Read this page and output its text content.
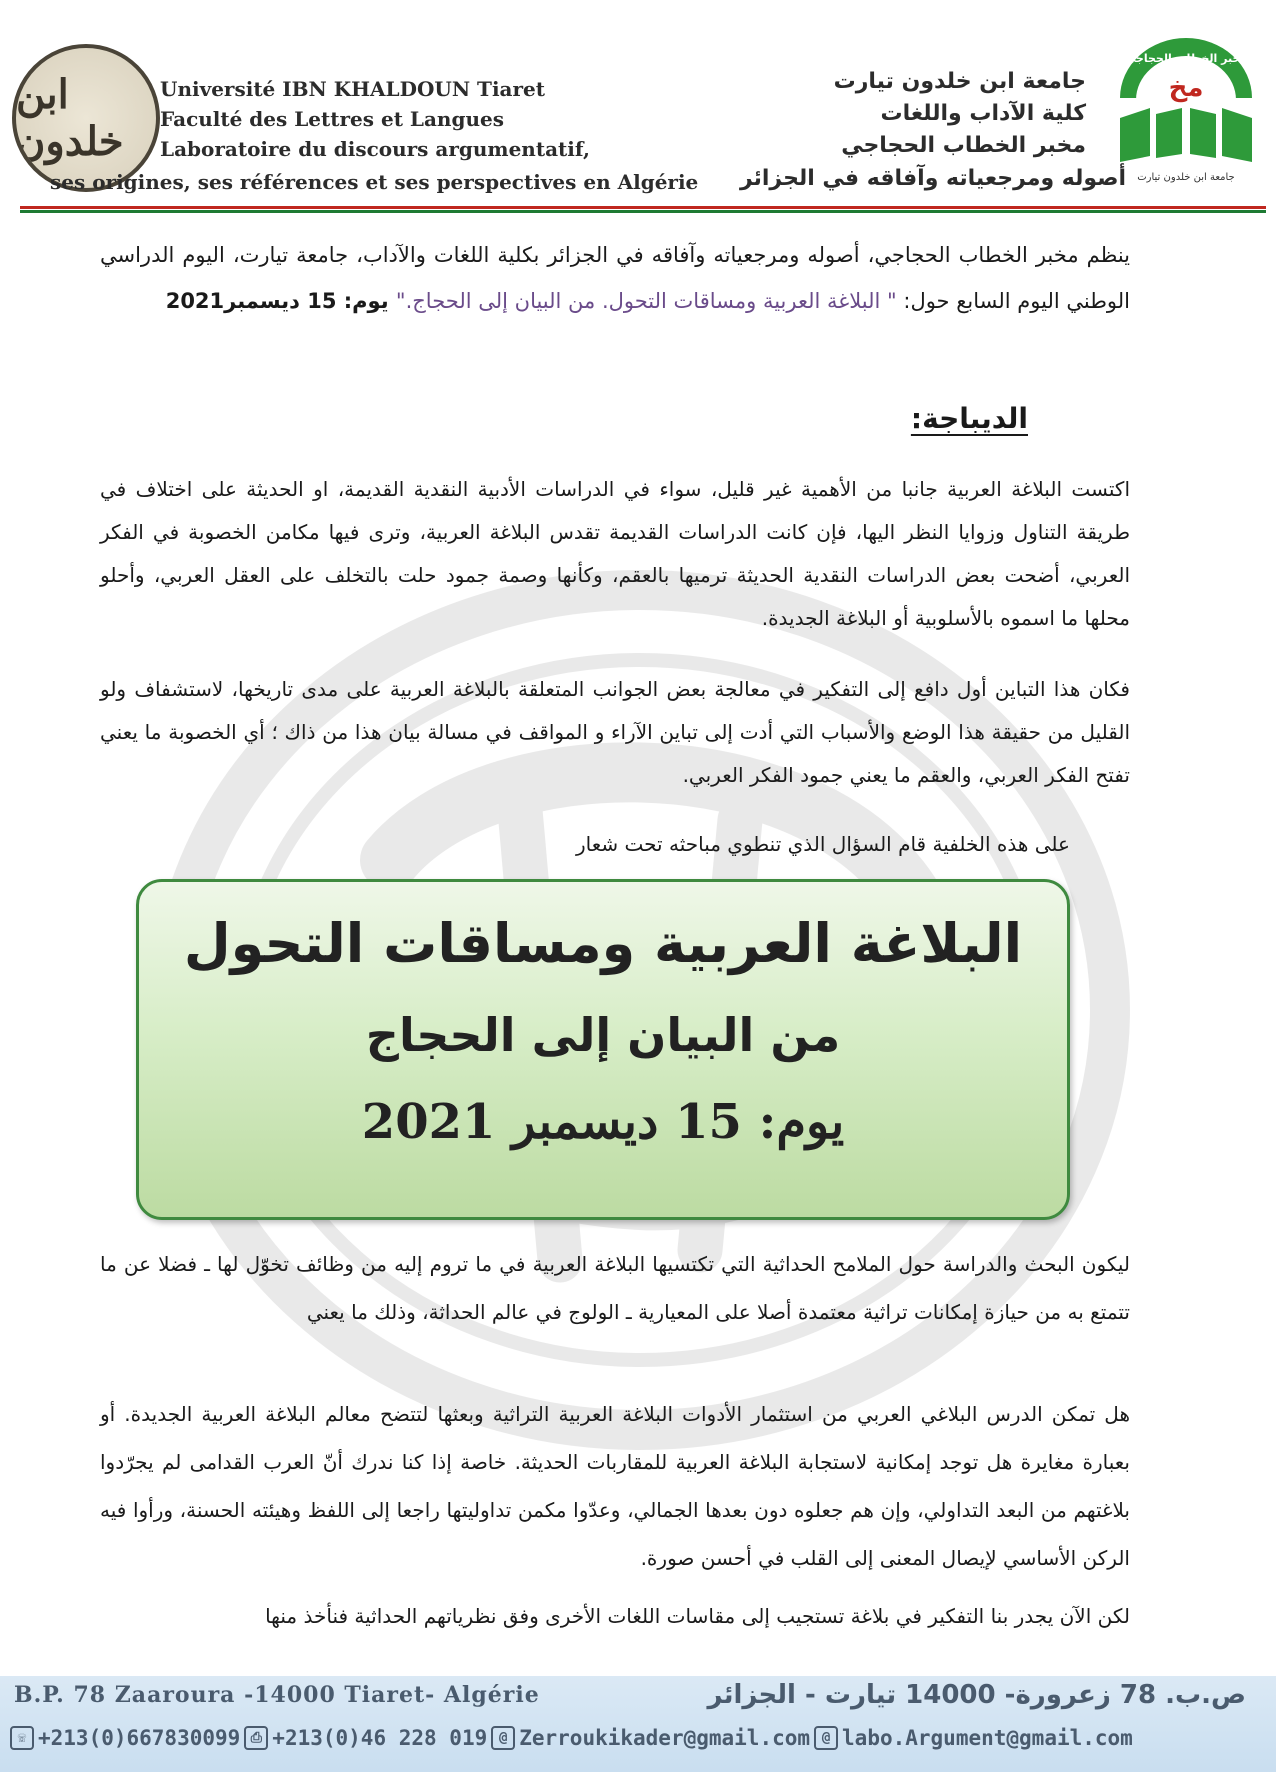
ابن خلدون
Université IBN KHALDOUN Tiaret
Faculté des Lettres et Langues
Laboratoire du discours argumentatif,
ses origines, ses références et ses perspectives en Algérie
جامعة ابن خلدون تيارت
كلية الآداب واللغات
مخبر الخطاب الحجاجي
أصوله ومرجعياته وآفاقه في الجزائر
مخ
مخبر الخطاب الحجاجي
جامعة ابن خلدون تيارت
ينظم مخبر الخطاب الحجاجي، أصوله ومرجعياته وآفاقه في الجزائر بكلية اللغات والآداب، جامعة تيارت، اليوم الدراسي الوطني اليوم السابع حول: " البلاغة العربية ومساقات التحول. من البيان إلى الحجاج." يوم: 15 ديسمبر2021
الديباجة:
اكتست البلاغة العربية جانبا من الأهمية غير قليل، سواء في الدراسات الأدبية النقدية القديمة، او الحديثة على اختلاف في طريقة التناول وزوايا النظر اليها، فإن كانت الدراسات القديمة تقدس البلاغة العربية، وترى فيها مكامن الخصوبة في الفكر العربي، أضحت بعض الدراسات النقدية الحديثة ترميها بالعقم، وكأنها وصمة جمود حلت بالتخلف على العقل العربي، وأحلو محلها ما اسموه بالأسلوبية أو البلاغة الجديدة.
فكان هذا التباين أول دافع إلى التفكير في معالجة بعض الجوانب المتعلقة بالبلاغة العربية على مدى تاريخها، لاستشفاف ولو القليل من حقيقة هذا الوضع والأسباب التي أدت إلى تباين الآراء و المواقف في مسالة بيان هذا من ذاك ؛ أي الخصوبة ما يعني تفتح الفكر العربي، والعقم ما يعني جمود الفكر العربي.
على هذه الخلفية قام السؤال الذي تنطوي مباحثه تحت شعار
البلاغة العربية ومساقات التحول
من البيان إلى الحجاج
يوم: 15 ديسمبر 2021
ليكون البحث والدراسة حول الملامح الحداثية التي تكتسيها البلاغة العربية في ما تروم إليه من وظائف تخوّل لها ـ فضلا عن ما تتمتع به من حيازة إمكانات تراثية معتمدة أصلا على المعيارية ـ الولوج في عالم الحداثة، وذلك ما يعني
هل تمكن الدرس البلاغي العربي من استثمار الأدوات البلاغة العربية التراثية وبعثها لتتضح معالم البلاغة العربية الجديدة. أو بعبارة مغايرة هل توجد إمكانية لاستجابة البلاغة العربية للمقاربات الحديثة. خاصة إذا كنا ندرك أنّ العرب القدامى لم يجرّدوا بلاغتهم من البعد التداولي، وإن هم جعلوه دون بعدها الجمالي، وعدّوا مكمن تداوليتها راجعا إلى اللفظ وهيئته الحسنة، ورأوا فيه الركن الأساسي لإيصال المعنى إلى القلب في أحسن صورة.
لكن الآن يجدر بنا التفكير في بلاغة تستجيب إلى مقاسات اللغات الأخرى وفق نظرياتهم الحداثية فنأخذ منها
B.P. 78 Zaaroura -14000 Tiaret- Algérie	ص.ب. 78 زعرورة- 14000 تيارت - الجزائر
☏ +213(0)667830099 ⎙ +213(0)46 228 019 @ Zerroukikader@gmail.com @ labo.Argument@gmail.com
